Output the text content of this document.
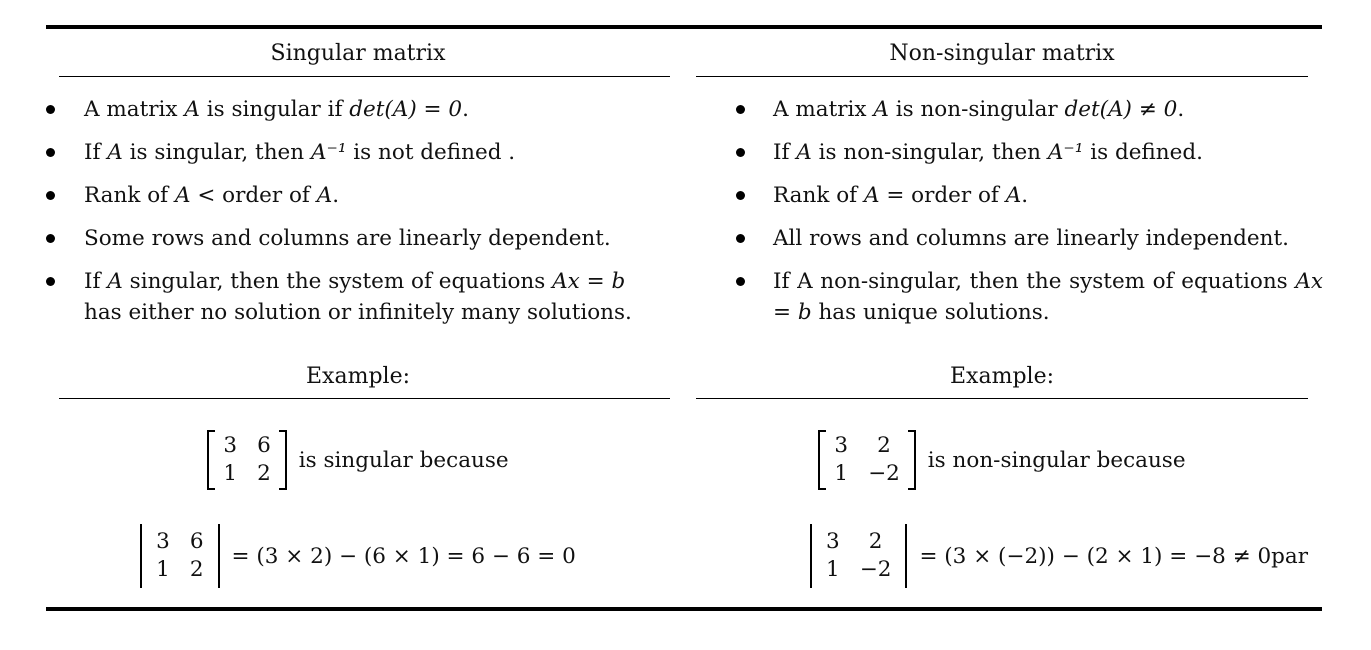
Singular matrix
A matrix A is singular if det(A) = 0.
If A is singular, then A⁻¹ is not defined .
Rank of A < order of A.
Some rows and columns are linearly dependent.
If A singular, then the system of equations Ax = b has either no solution or infinitely many solutions.
Example:
3 6
1 2
is singular because
3 6
1 2
= (3 × 2) − (6 × 1) = 6 − 6 = 0
Non-singular matrix
A matrix A is non-singular det(A) ≠ 0.
If A is non-singular, then A⁻¹ is defined.
Rank of A = order of A.
All rows and columns are linearly independent.
If A non-singular, then the system of equations Ax = b has unique solutions.
Example:
3	2
1 −2
is non-singular because
3	2
1 −2
= (3 × (−2)) − (2 × 1) = −8 ≠ 0par
